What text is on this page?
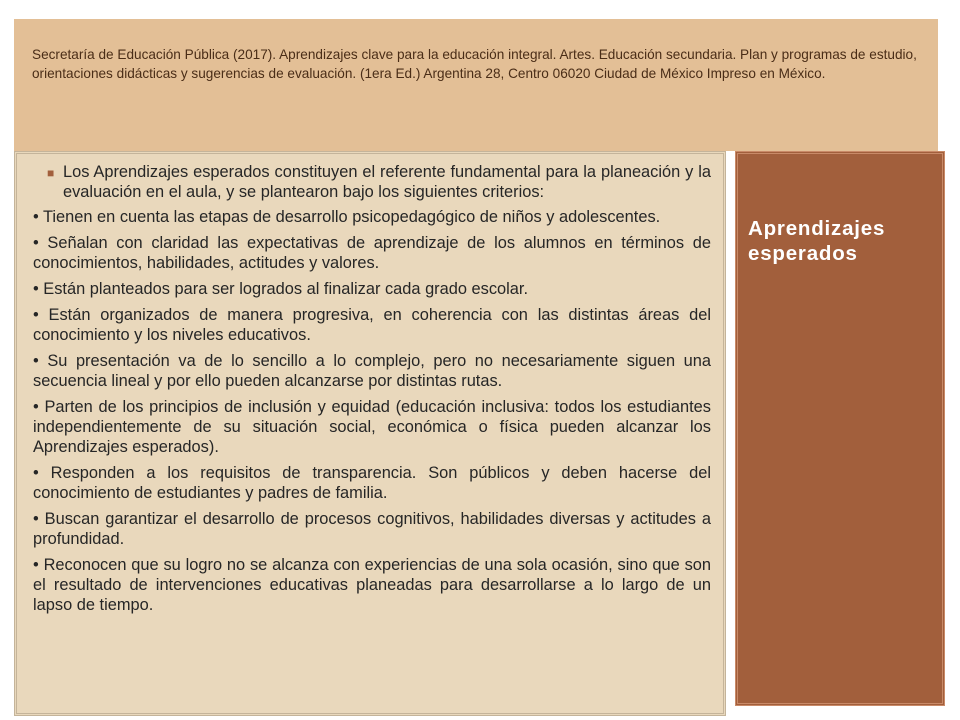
Secretaría de Educación Pública (2017). Aprendizajes clave para la educación integral. Artes. Educación secundaria. Plan y programas de estudio, orientaciones didácticas y sugerencias de evaluación. (1era Ed.) Argentina 28, Centro 06020 Ciudad de México Impreso en México.

■ Los Aprendizajes esperados constituyen el referente fundamental para la planeación y la evaluación en el aula, y se plantearon bajo los siguientes criterios:

• Tienen en cuenta las etapas de desarrollo psicopedagógico de niños y adolescentes.

• Señalan con claridad las expectativas de aprendizaje de los alumnos en términos de conocimientos, habilidades, actitudes y valores.

• Están planteados para ser logrados al finalizar cada grado escolar.

• Están organizados de manera progresiva, en coherencia con las distintas áreas del conocimiento y los niveles educativos.

• Su presentación va de lo sencillo a lo complejo, pero no necesariamente siguen una secuencia lineal y por ello pueden alcanzarse por distintas rutas.

• Parten de los principios de inclusión y equidad (educación inclusiva: todos los estudiantes independientemente de su situación social, económica o física pueden alcanzar los Aprendizajes esperados).

• Responden a los requisitos de transparencia. Son públicos y deben hacerse del conocimiento de estudiantes y padres de familia.

• Buscan garantizar el desarrollo de procesos cognitivos, habilidades diversas y actitudes a profundidad.

• Reconocen que su logro no se alcanza con experiencias de una sola ocasión, sino que son el resultado de intervenciones educativas planeadas para desarrollarse a lo largo de un lapso de tiempo.

Aprendizajes esperados
